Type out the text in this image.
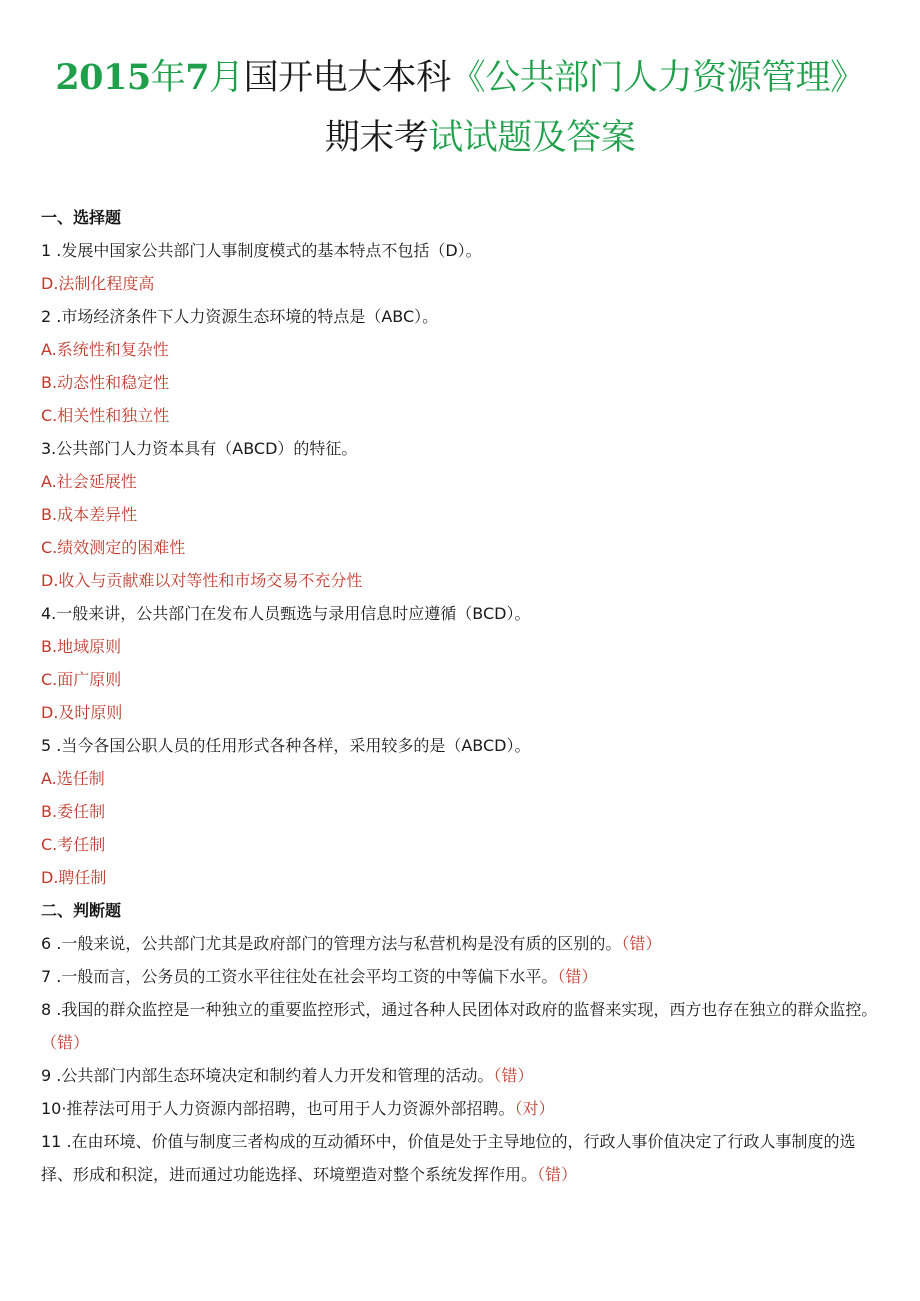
2015年7月国开电大本科《公共部门人力资源管理》
期末考试试题及答案
一、选择题
1 .发展中国家公共部门人事制度模式的基本特点不包括（D）。
D.法制化程度高
2 .市场经济条件下人力资源生态环境的特点是（ABC）。
A.系统性和复杂性
B.动态性和稳定性
C.相关性和独立性
3.公共部门人力资本具有（ABCD）的特征。
A.社会延展性
B.成本差异性
C.绩效测定的困难性
D.收入与贡献难以对等性和市场交易不充分性
4.一般来讲，公共部门在发布人员甄选与录用信息时应遵循（BCD）。
B.地域原则
C.面广原则
D.及时原则
5 .当今各国公职人员的任用形式各种各样，采用较多的是（ABCD）。
A.选任制
B.委任制
C.考任制
D.聘任制
二、判断题
6 .一般来说，公共部门尤其是政府部门的管理方法与私营机构是没有质的区别的。（错）
7 .一般而言，公务员的工资水平往往处在社会平均工资的中等偏下水平。（错）
8 .我国的群众监控是一种独立的重要监控形式，通过各种人民团体对政府的监督来实现，西方也存在独立的群众监控。（错）
9 .公共部门内部生态环境决定和制约着人力开发和管理的活动。（错）
10·推荐法可用于人力资源内部招聘，也可用于人力资源外部招聘。（对）
11 .在由环境、价值与制度三者构成的互动循环中，价值是处于主导地位的，行政人事价值决定了行政人事制度的选择、形成和积淀，进而通过功能选择、环境塑造对整个系统发挥作用。（错）
